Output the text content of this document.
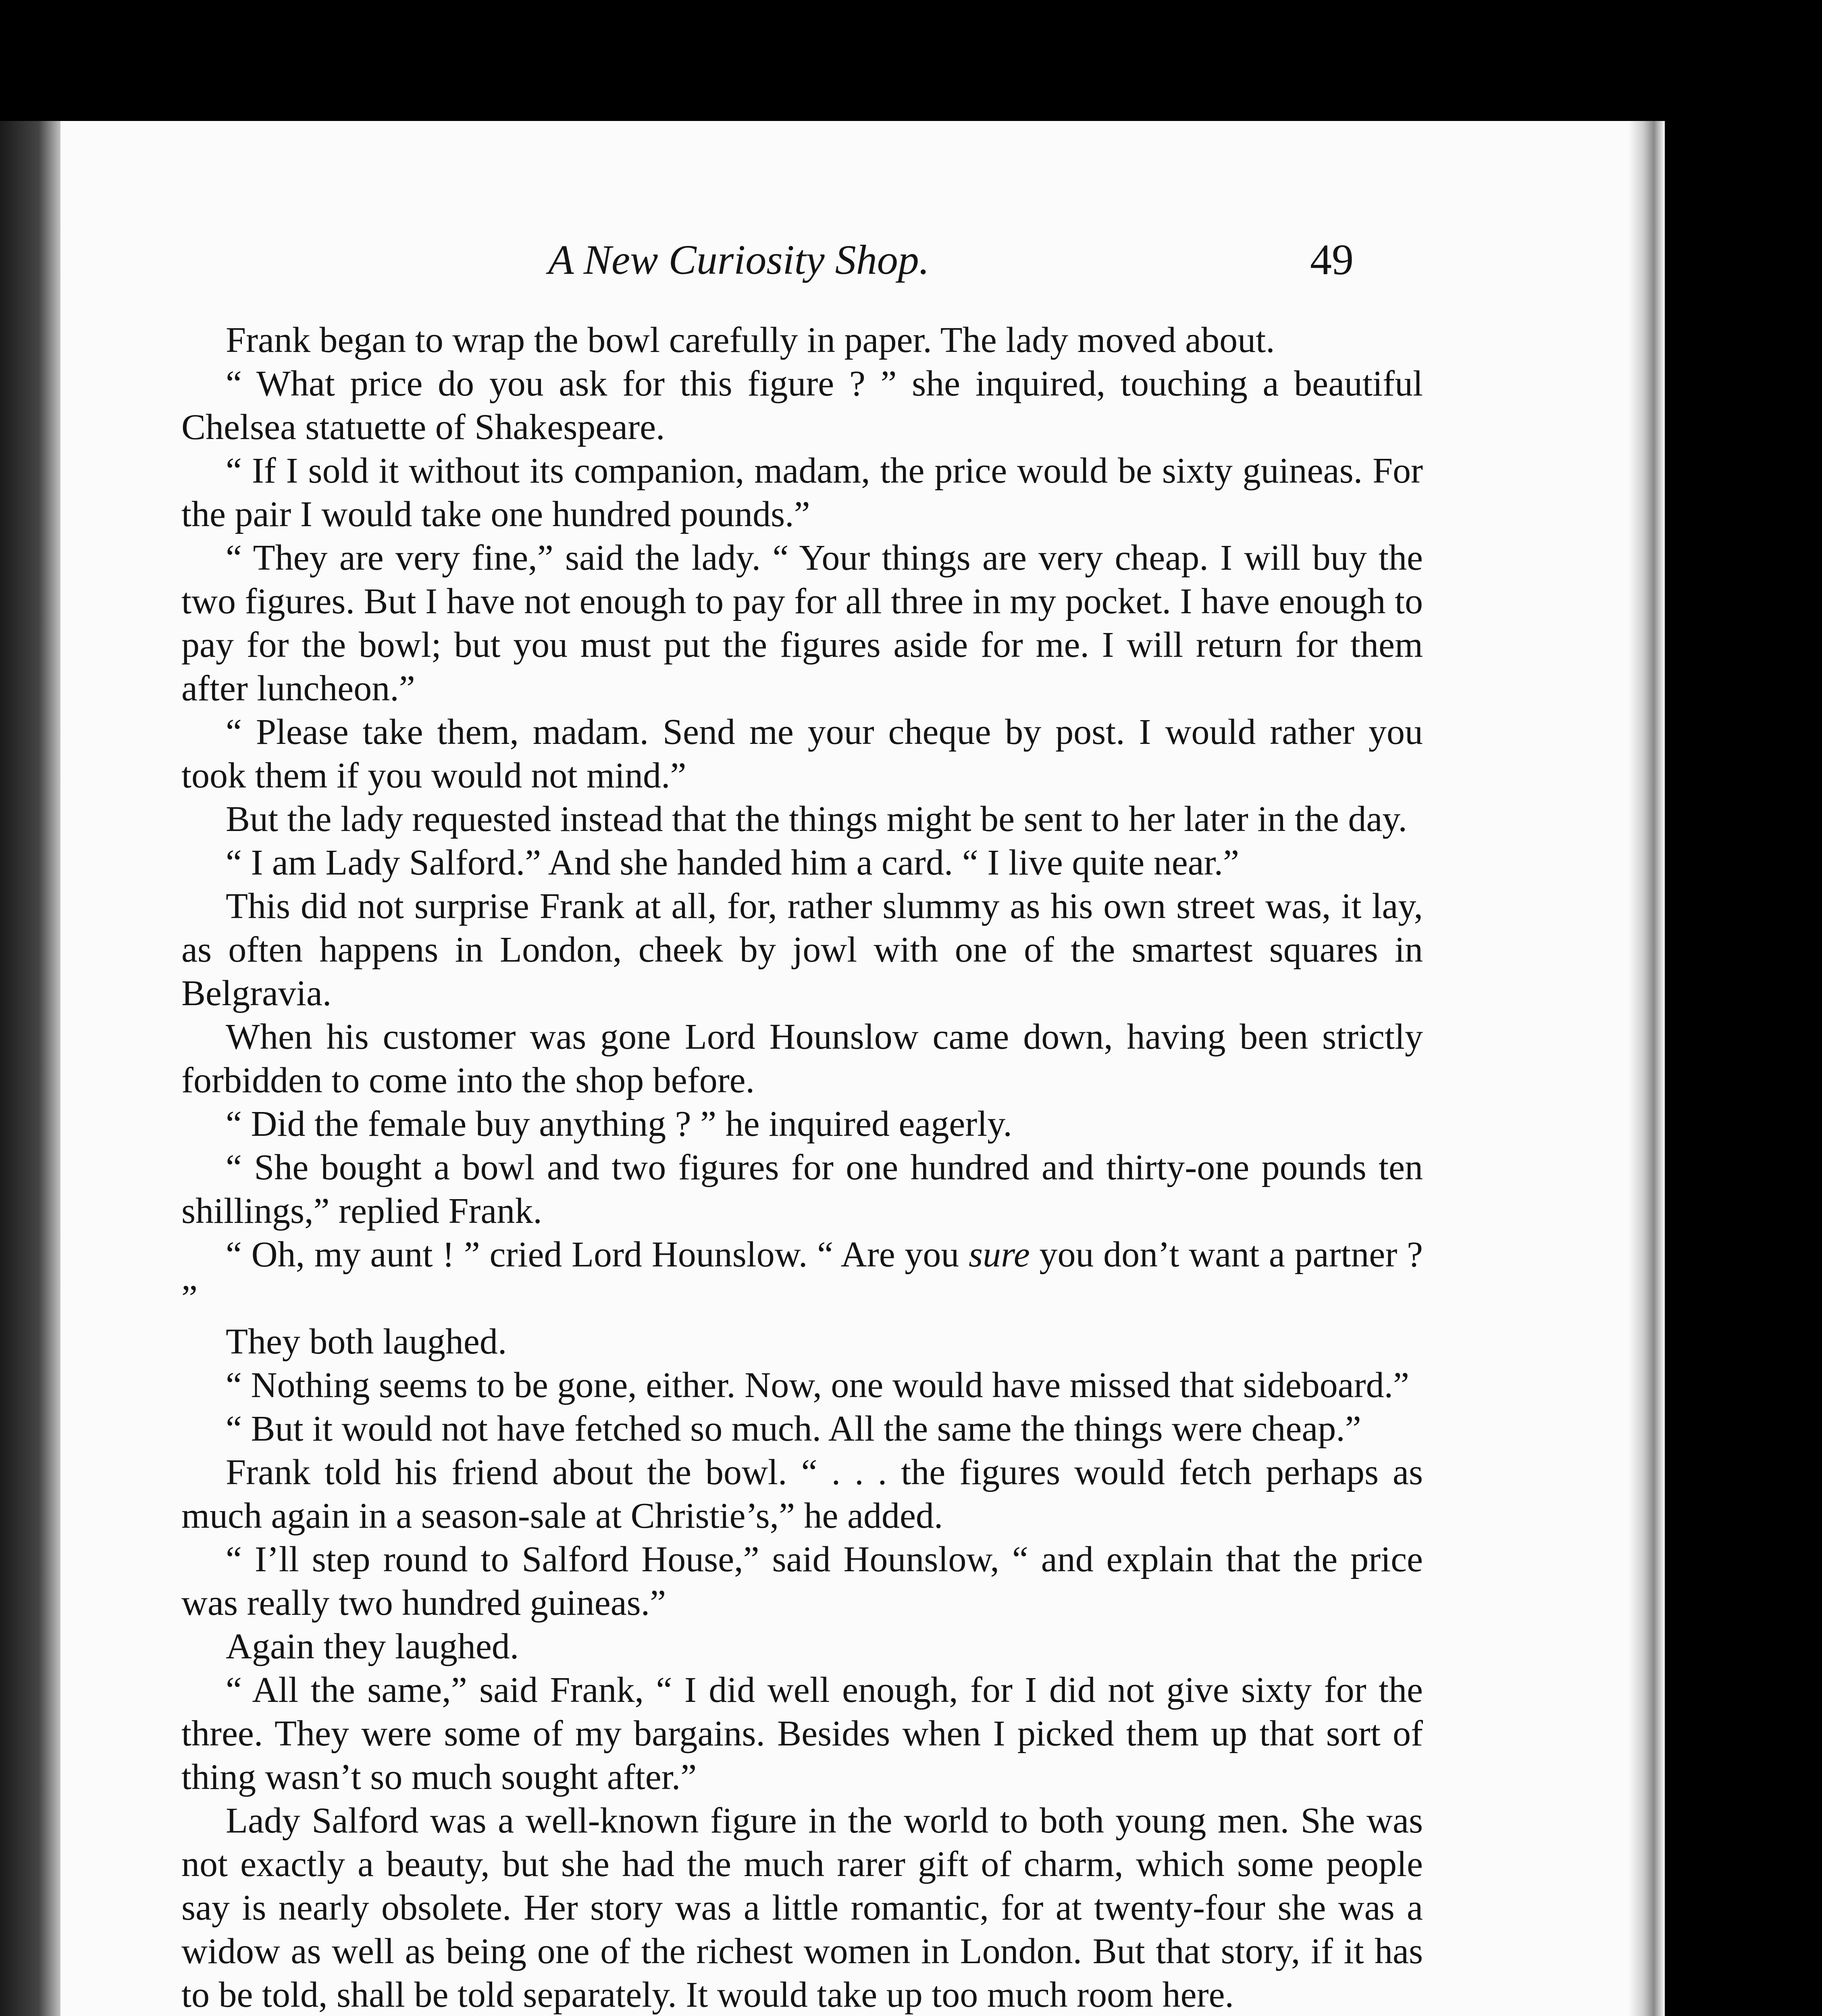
A New Curiosity Shop.	49

Frank began to wrap the bowl carefully in paper. The lady moved about.

“ What price do you ask for this figure ? ” she inquired, touching a beautiful Chelsea statuette of Shakespeare.

“ If I sold it without its companion, madam, the price would be sixty guineas. For the pair I would take one hundred pounds.”

“ They are very fine,” said the lady. “ Your things are very cheap. I will buy the two figures. But I have not enough to pay for all three in my pocket. I have enough to pay for the bowl; but you must put the figures aside for me. I will return for them after luncheon.”

“ Please take them, madam. Send me your cheque by post. I would rather you took them if you would not mind.”

But the lady requested instead that the things might be sent to her later in the day.

“ I am Lady Salford.” And she handed him a card. “ I live quite near.”

This did not surprise Frank at all, for, rather slummy as his own street was, it lay, as often happens in London, cheek by jowl with one of the smartest squares in Belgravia.

When his customer was gone Lord Hounslow came down, having been strictly forbidden to come into the shop before.

“ Did the female buy anything ? ” he inquired eagerly.

“ She bought a bowl and two figures for one hundred and thirty-one pounds ten shillings,” replied Frank.

“ Oh, my aunt ! ” cried Lord Hounslow. “ Are you sure you don’t want a partner ? ”

They both laughed.

“ Nothing seems to be gone, either. Now, one would have missed that sideboard.”

“ But it would not have fetched so much. All the same the things were cheap.”

Frank told his friend about the bowl. “ . . . the figures would fetch perhaps as much again in a season-sale at Christie’s,” he added.

“ I’ll step round to Salford House,” said Hounslow, “ and explain that the price was really two hundred guineas.”

Again they laughed.

“ All the same,” said Frank, “ I did well enough, for I did not give sixty for the three. They were some of my bargains. Besides when I picked them up that sort of thing wasn’t so much sought after.”

Lady Salford was a well-known figure in the world to both young men. She was not exactly a beauty, but she had the much rarer gift of charm, which some people say is nearly obsolete. Her story was a little romantic, for at twenty-four she was a widow as well as being one of the richest women in London. But that story, if it has to be told, shall be told separately. It would take up too much room here.
